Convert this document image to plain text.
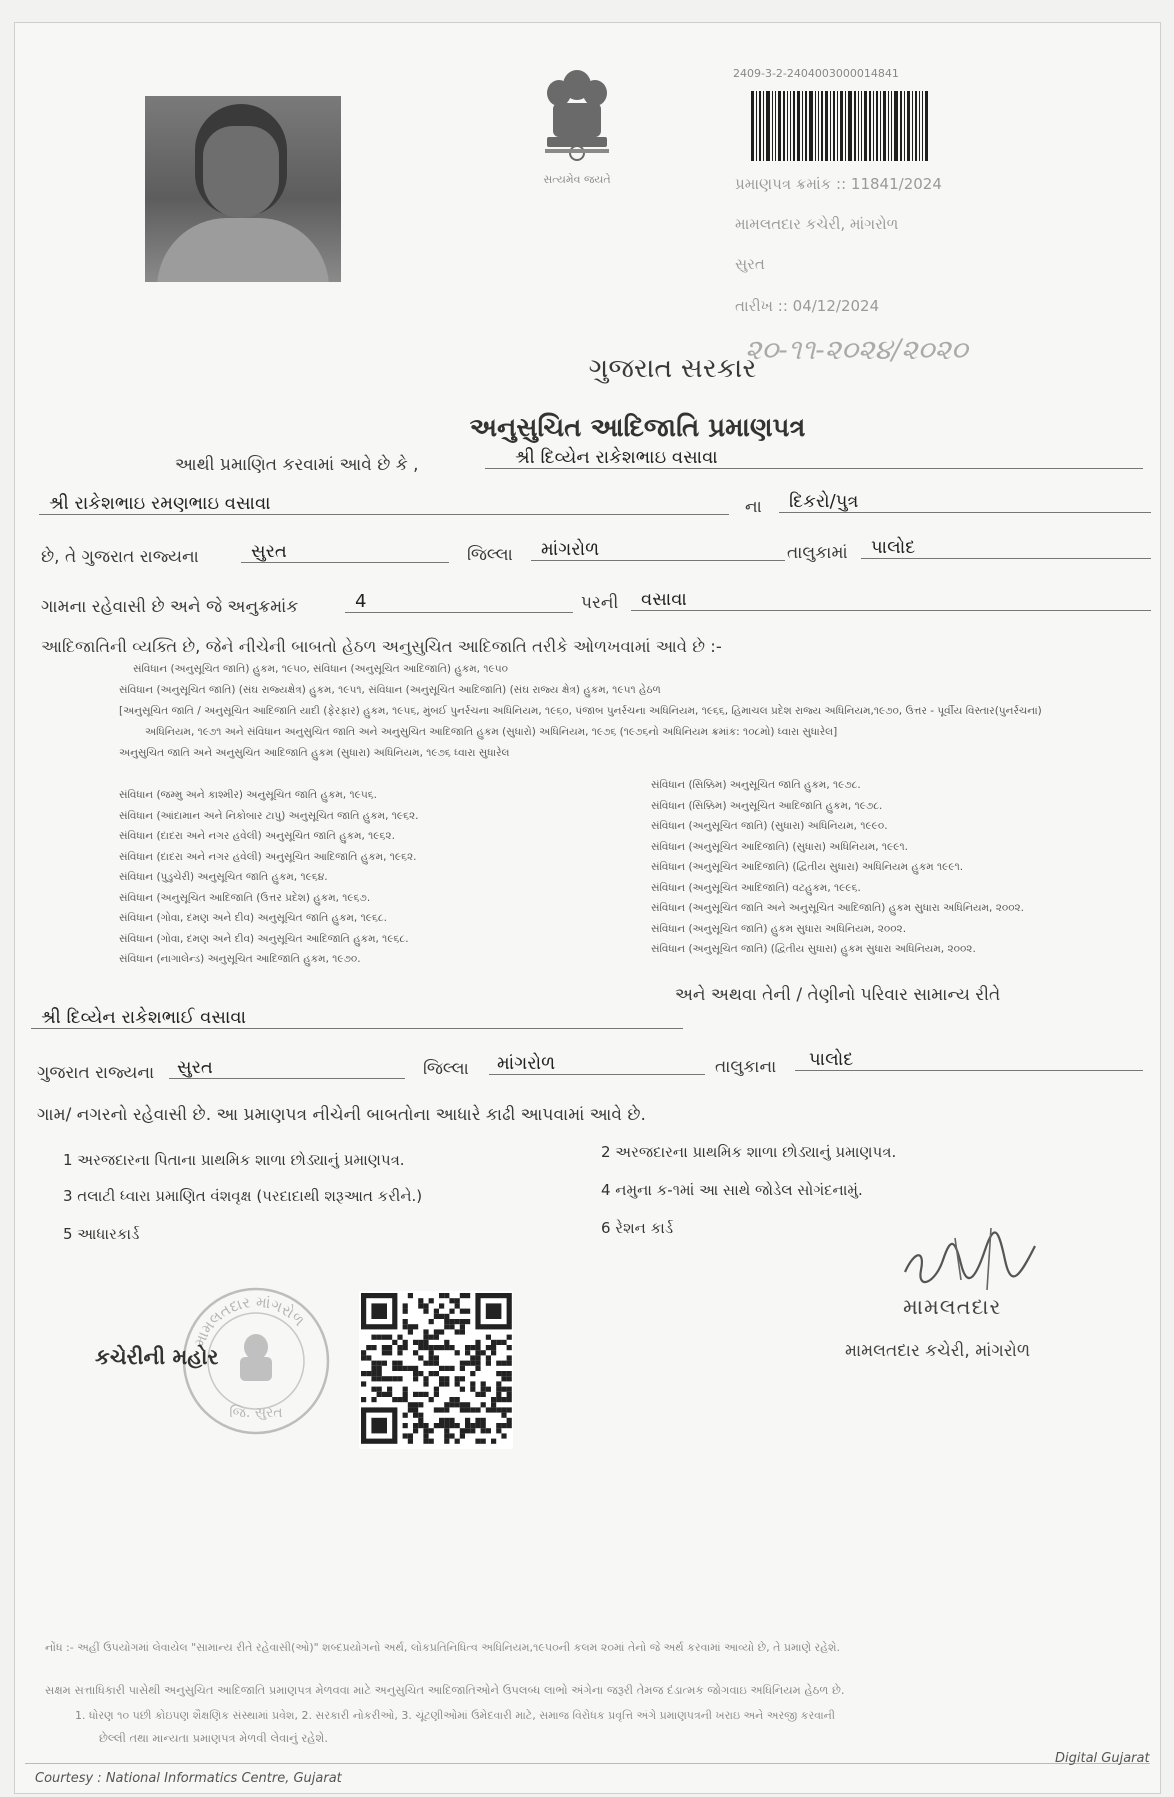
સત્યમેવ જયતે
2409-3-2-2404003000014841
પ્રમાણપત્ર ક્રમાંક :: 11841/2024
મામલતદાર કચેરી, માંગરોળ
સુરત
તારીખ :: 04/12/2024
૨૦-૧૧-૨૦૨૪/૨૦૨૦
ગુજરાત સરકાર
અનુસુચિત આદિજાતિ પ્રમાણપત્ર
આથી પ્રમાણિત કરવામાં આવે છે કે ,	શ્રી દિવ્યેન રાકેશભાઇ વસાવા
શ્રી રાકેશભાઇ રમણભાઇ વસાવા	ના	દિકરો/પુત્ર
છે, તે ગુજરાત રાજ્યના	સુરત	જિલ્લા	માંગરોળ	તાલુકામાં	પાલોદ
ગામના રહેવાસી છે અને જે અનુક્રમાંક	4	પરની	વસાવા
આદિજાતિની વ્યક્તિ છે, જેને નીચેની બાબતો હેઠળ અનુસુચિત આદિજાતિ તરીકે ઓળખવામાં આવે છે :-
સંવિધાન (અનુસૂચિત જાતિ) હુકમ, ૧૯૫૦, સંવિધાન (અનુસૂચિત આદિજાતિ) હુકમ, ૧૯૫૦
સંવિધાન (અનુસૂચિત જાતિ) (સંઘ રાજ્યક્ષેત્ર) હુકમ, ૧૯૫૧, સંવિધાન (અનુસૂચિત આદિજાતિ) (સંઘ રાજ્ય ક્ષેત્ર) હુકમ, ૧૯૫૧ હેઠળ
[અનુસૂચિત જાતિ / અનુસૂચિત આદિજાતિ યાદી (ફેરફાર) હુકમ, ૧૯૫૬, મુંબઈ પુનર્રચના અધિનિયમ, ૧૯૬૦, પંજાબ પુનર્રચના અધિનિયમ, ૧૯૬૬, હિમાચલ પ્રદેશ રાજ્ય અધિનિયમ,૧૯૭૦, ઉત્તર - પૂર્વીય વિસ્તાર(પુનર્રચના)
અધિનિયમ, ૧૯૭૧ અને સંવિધાન અનુસુચિત જાતિ અને અનુસુચિત આદિજાતિ હુકમ (સુધારો) અધિનિયમ, ૧૯૭૬ (૧૯૭૬નો અધિનિયમ ક્રમાંક: ૧૦૮મો) ધ્વારા સુધારેલ]
અનુસુચિત જાતિ અને અનુસુચિત આદિજાતિ હુકમ (સુધારા) અધિનિયમ, ૧૯૭૬ ધ્વારા સુધારેલ
સંવિધાન (જમ્મુ અને કાશ્મીર) અનુસૂચિત જાતિ હુકમ, ૧૯૫૬.
સંવિધાન (આંદામાન અને નિકોબાર ટાપુ) અનુસૂચિત જાતિ હુકમ, ૧૯૬૨.
સંવિધાન (દાદરા અને નગર હવેલી) અનુસૂચિત જાતિ હુકમ, ૧૯૬૨.
સંવિધાન (દાદરા અને નગર હવેલી) અનુસૂચિત આદિજાતિ હુકમ, ૧૯૬૨.
સંવિધાન (પુડુચેરી) અનુસૂચિત જાતિ હુકમ, ૧૯૬૪.
સંવિધાન (અનુસૂચિત આદિજાતિ (ઉત્તર પ્રદેશ) હુકમ, ૧૯૬૭.
સંવિધાન (ગોવા, દમણ અને દીવ) અનુસૂચિત જાતિ હુકમ, ૧૯૬૮.
સંવિધાન (ગોવા, દમણ અને દીવ) અનુસૂચિત આદિજાતિ હુકમ, ૧૯૬૮.
સંવિધાન (નાગાલેન્ડ) અનુસૂચિત આદિજાતિ હુકમ, ૧૯૭૦.
સંવિધાન (સિક્કિમ) અનુસૂચિત જાતિ હુકમ, ૧૯૭૮.
સંવિધાન (સિક્કિમ) અનુસૂચિત આદિજાતિ હુકમ, ૧૯૭૮.
સંવિધાન (અનુસૂચિત જાતિ) (સુધારા) અધિનિયમ, ૧૯૯૦.
સંવિધાન (અનુસૂચિત આદિજાતિ) (સુધારા) અધિનિયમ, ૧૯૯૧.
સંવિધાન (અનુસૂચિત આદિજાતિ) (દ્વિતીય સુધારા) અધિનિયમ હુકમ ૧૯૯૧.
સંવિધાન (અનુસૂચિત આદિજાતિ) વટહુકમ, ૧૯૯૬.
સંવિધાન (અનુસૂચિત જાતિ અને અનુસૂચિત આદિજાતિ) હુકમ સુધારા અધિનિયમ, ૨૦૦૨.
સંવિધાન (અનુસૂચિત જાતિ) હુકમ સુધારા અધિનિયમ, ૨૦૦૨.
સંવિધાન (અનુસૂચિત જાતિ) (દ્વિતીય સુધારા) હુકમ સુધારા અધિનિયમ, ૨૦૦૨.
અને અથવા તેની / તેણીનો પરિવાર સામાન્ય રીતે
શ્રી દિવ્યેન રાકેશભાઈ વસાવા
ગુજરાત રાજ્યના	સુરત	જિલ્લા	માંગરોળ	તાલુકાના	પાલોદ
ગામ/ નગરનો રહેવાસી છે. આ પ્રમાણપત્ર નીચેની બાબતોના આધારે કાઢી આપવામાં આવે છે.
1 અરજદારના પિતાના પ્રાથમિક શાળા છોડ્યાનું પ્રમાણપત્ર.	2 અરજદારના પ્રાથમિક શાળા છોડ્યાનું પ્રમાણપત્ર.
3 તલાટી ધ્વારા પ્રમાણિત વંશવૃક્ષ (પરદાદાથી શરૂઆત કરીને.)	4 નમુના ક-૧માં આ સાથે જોડેલ સોગંદનામું.
5 આધારકાર્ડ	6 રેશન કાર્ડ
મામલતદાર
મામલતદાર કચેરી, માંગરોળ
મામલતદાર માંગરોળ
જિ. સુરત
કચેરીની મહોર
નોંધ :- અહીં ઉપયોગમાં લેવાયેલ "સામાન્ય રીતે રહેવાસી(ઓ)" શબ્દપ્રયોગનો અર્થ, લોકપ્રતિનિધિત્વ અધિનિયમ,૧૯૫૦ની કલમ ૨૦માં તેનો જે અર્થ કરવામાં આવ્યો છે, તે પ્રમાણે રહેશે.
સક્ષમ સત્તાધિકારી પાસેથી અનુસુચિત આદિજાતિ પ્રમાણપત્ર મેળવવા માટે અનુસુચિત આદિજાતિઓને ઉપલબ્ધ લાભો અંગેના જરૂરી તેમજ દંડાત્મક જોગવાઇ અધિનિયમ હેઠળ છે.
1. ધોરણ ૧૦ પછી કોઇપણ શૈક્ષણિક સંસ્થામાં પ્રવેશ, 2. સરકારી નોકરીઓ, 3. ચૂંટણીઓમાં ઉમેદવારી માટે, સમાજ વિરોધક પ્રવૃત્તિ અંગે પ્રમાણપત્રની ખરાઇ અને અરજી કરવાની
છેલ્લી તથા માન્યતા પ્રમાણપત્ર મેળવી લેવાનું રહેશે.
Courtesy : National Informatics Centre, Gujarat
Digital Gujarat
